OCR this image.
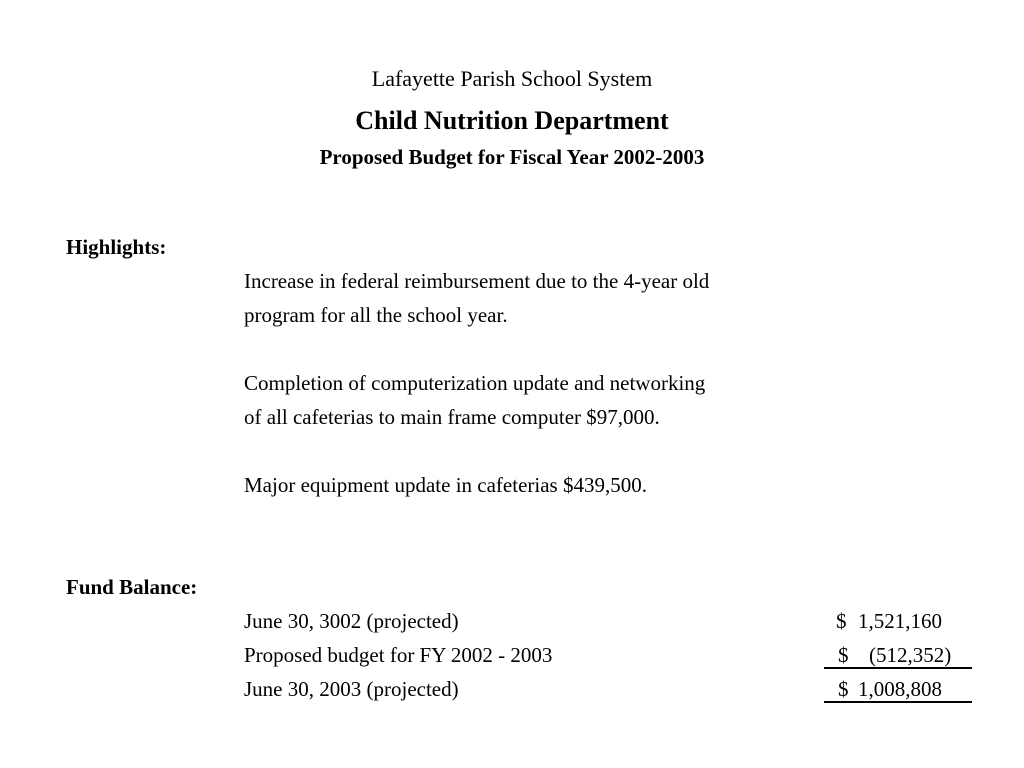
Lafayette Parish School System
Child Nutrition Department
Proposed Budget for Fiscal Year 2002-2003
Highlights:
Increase in federal reimbursement due to the 4-year old
program for all the school year.
Completion of computerization update and networking
of all cafeterias to main frame computer $97,000.
Major equipment update in cafeterias $439,500.
Fund Balance:
June 30, 3002 (projected)	$ 1,521,160
Proposed budget for FY 2002 - 2003	$ (512,352)
June 30, 2003 (projected)	$ 1,008,808
